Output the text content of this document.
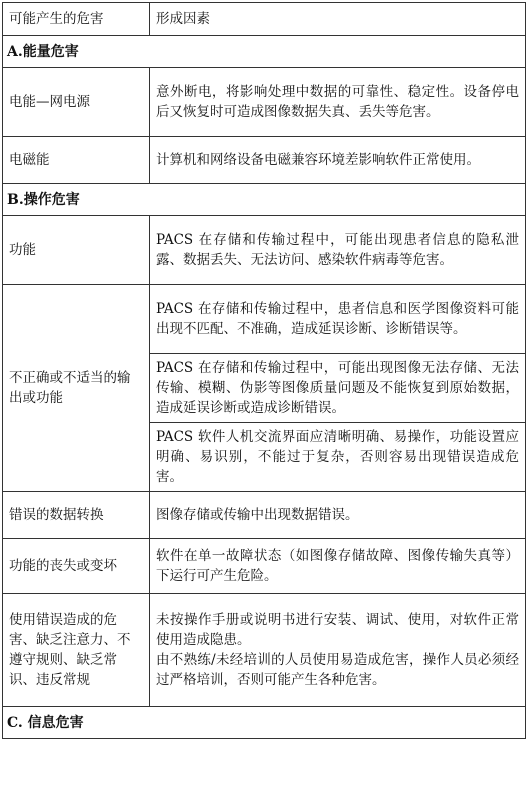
可能产生的危害	形成因素
A.能量危害	
电能—网电源	意外断电，将影响处理中数据的可靠性、稳定性。设备停电后又恢复时可造成图像数据失真、丢失等危害。
电磁能	计算机和网络设备电磁兼容环境差影响软件正常使用。
B.操作危害	
功能	PACS 在存储和传输过程中，可能出现患者信息的隐私泄露、数据丢失、无法访问、感染软件病毒等危害。
不正确或不适当的输出或功能	PACS 在存储和传输过程中，患者信息和医学图像资料可能出现不匹配、不准确，造成延误诊断、诊断错误等。
	PACS 在存储和传输过程中，可能出现图像无法存储、无法传输、模糊、伪影等图像质量问题及不能恢复到原始数据，造成延误诊断或造成诊断错误。
	PACS 软件人机交流界面应清晰明确、易操作，功能设置应明确、易识别，不能过于复杂，否则容易出现错误造成危害。
错误的数据转换	图像存储或传输中出现数据错误。
功能的丧失或变坏	软件在单一故障状态（如图像存储故障、图像传输失真等）下运行可产生危险。
使用错误造成的危害、缺乏注意力、不遵守规则、缺乏常识、违反常规	未按操作手册或说明书进行安装、调试、使用，对软件正常使用造成隐患。

由不熟练/未经培训的人员使用易造成危害，操作人员必须经过严格培训，否则可能产生各种危害。

C. 信息危害	
